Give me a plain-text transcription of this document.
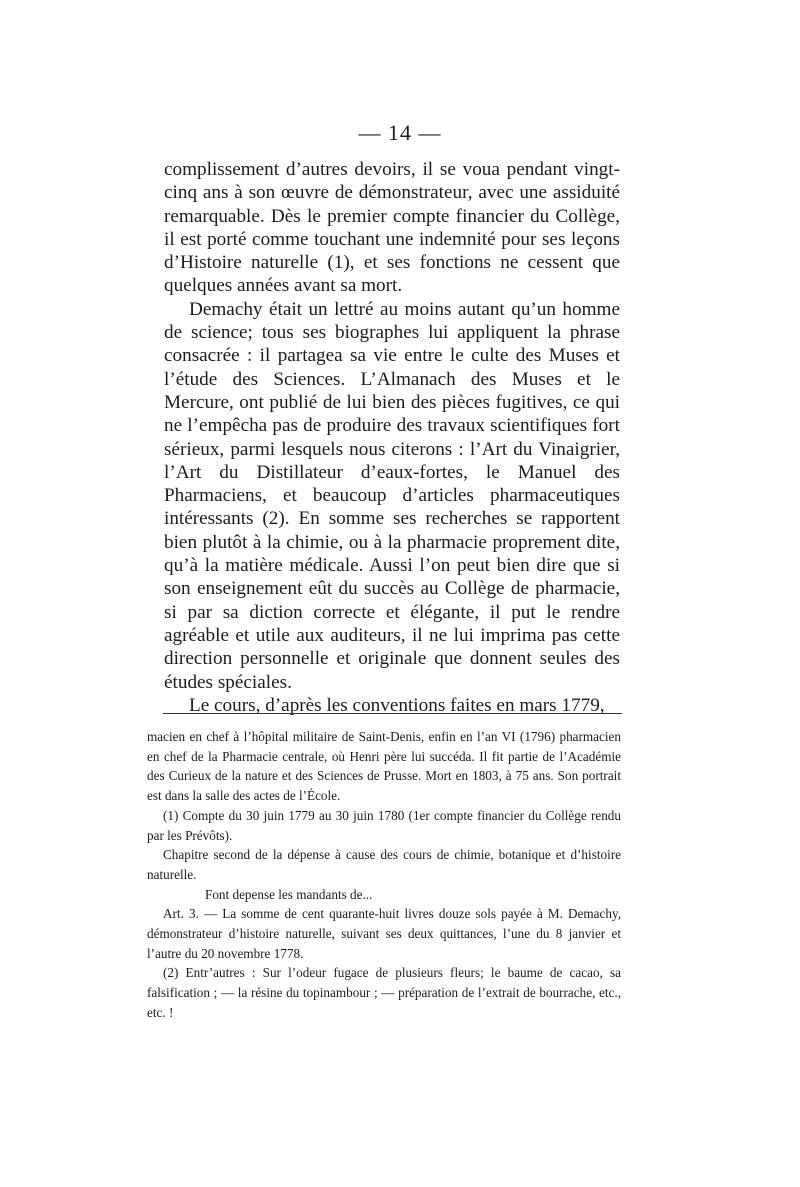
— 14 —

complissement d’autres devoirs, il se voua pendant vingt-cinq ans à son œuvre de démonstrateur, avec une assiduité remarquable. Dès le premier compte financier du Collège, il est porté comme touchant une indemnité pour ses leçons d’Histoire naturelle (1), et ses fonctions ne cessent que quelques années avant sa mort.

Demachy était un lettré au moins autant qu’un homme de science; tous ses biographes lui appliquent la phrase consacrée : il partagea sa vie entre le culte des Muses et l’étude des Sciences. L’Almanach des Muses et le Mercure, ont publié de lui bien des pièces fugitives, ce qui ne l’empêcha pas de produire des travaux scientifiques fort sérieux, parmi lesquels nous citerons : l’Art du Vinaigrier, l’Art du Distillateur d’eaux-fortes, le Manuel des Pharmaciens, et beaucoup d’articles pharmaceutiques intéressants (2). En somme ses recherches se rapportent bien plutôt à la chimie, ou à la pharmacie proprement dite, qu’à la matière médicale. Aussi l’on peut bien dire que si son enseignement eût du succès au Collège de pharmacie, si par sa diction correcte et élégante, il put le rendre agréable et utile aux auditeurs, il ne lui imprima pas cette direction personnelle et originale que donnent seules des études spéciales.

Le cours, d’après les conventions faites en mars 1779,

macien en chef à l’hôpital militaire de Saint-Denis, enfin en l’an VI (1796) pharmacien en chef de la Pharmacie centrale, où Henri père lui succéda. Il fit partie de l’Académie des Curieux de la nature et des Sciences de Prusse. Mort en 1803, à 75 ans. Son portrait est dans la salle des actes de l’École.

(1) Compte du 30 juin 1779 au 30 juin 1780 (1er compte financier du Collège rendu par les Prévôts).

Chapitre second de la dépense à cause des cours de chimie, botanique et d’histoire naturelle.

Font depense les mandants de...

Art. 3. — La somme de cent quarante-huit livres douze sols payée à M. Demachy, démonstrateur d’histoire naturelle, suivant ses deux quittances, l’une du 8 janvier et l’autre du 20 novembre 1778.

(2) Entr’autres : Sur l’odeur fugace de plusieurs fleurs; le baume de cacao, sa falsification ; — la résine du topinambour ; — préparation de l’extrait de bourrache, etc., etc. !
